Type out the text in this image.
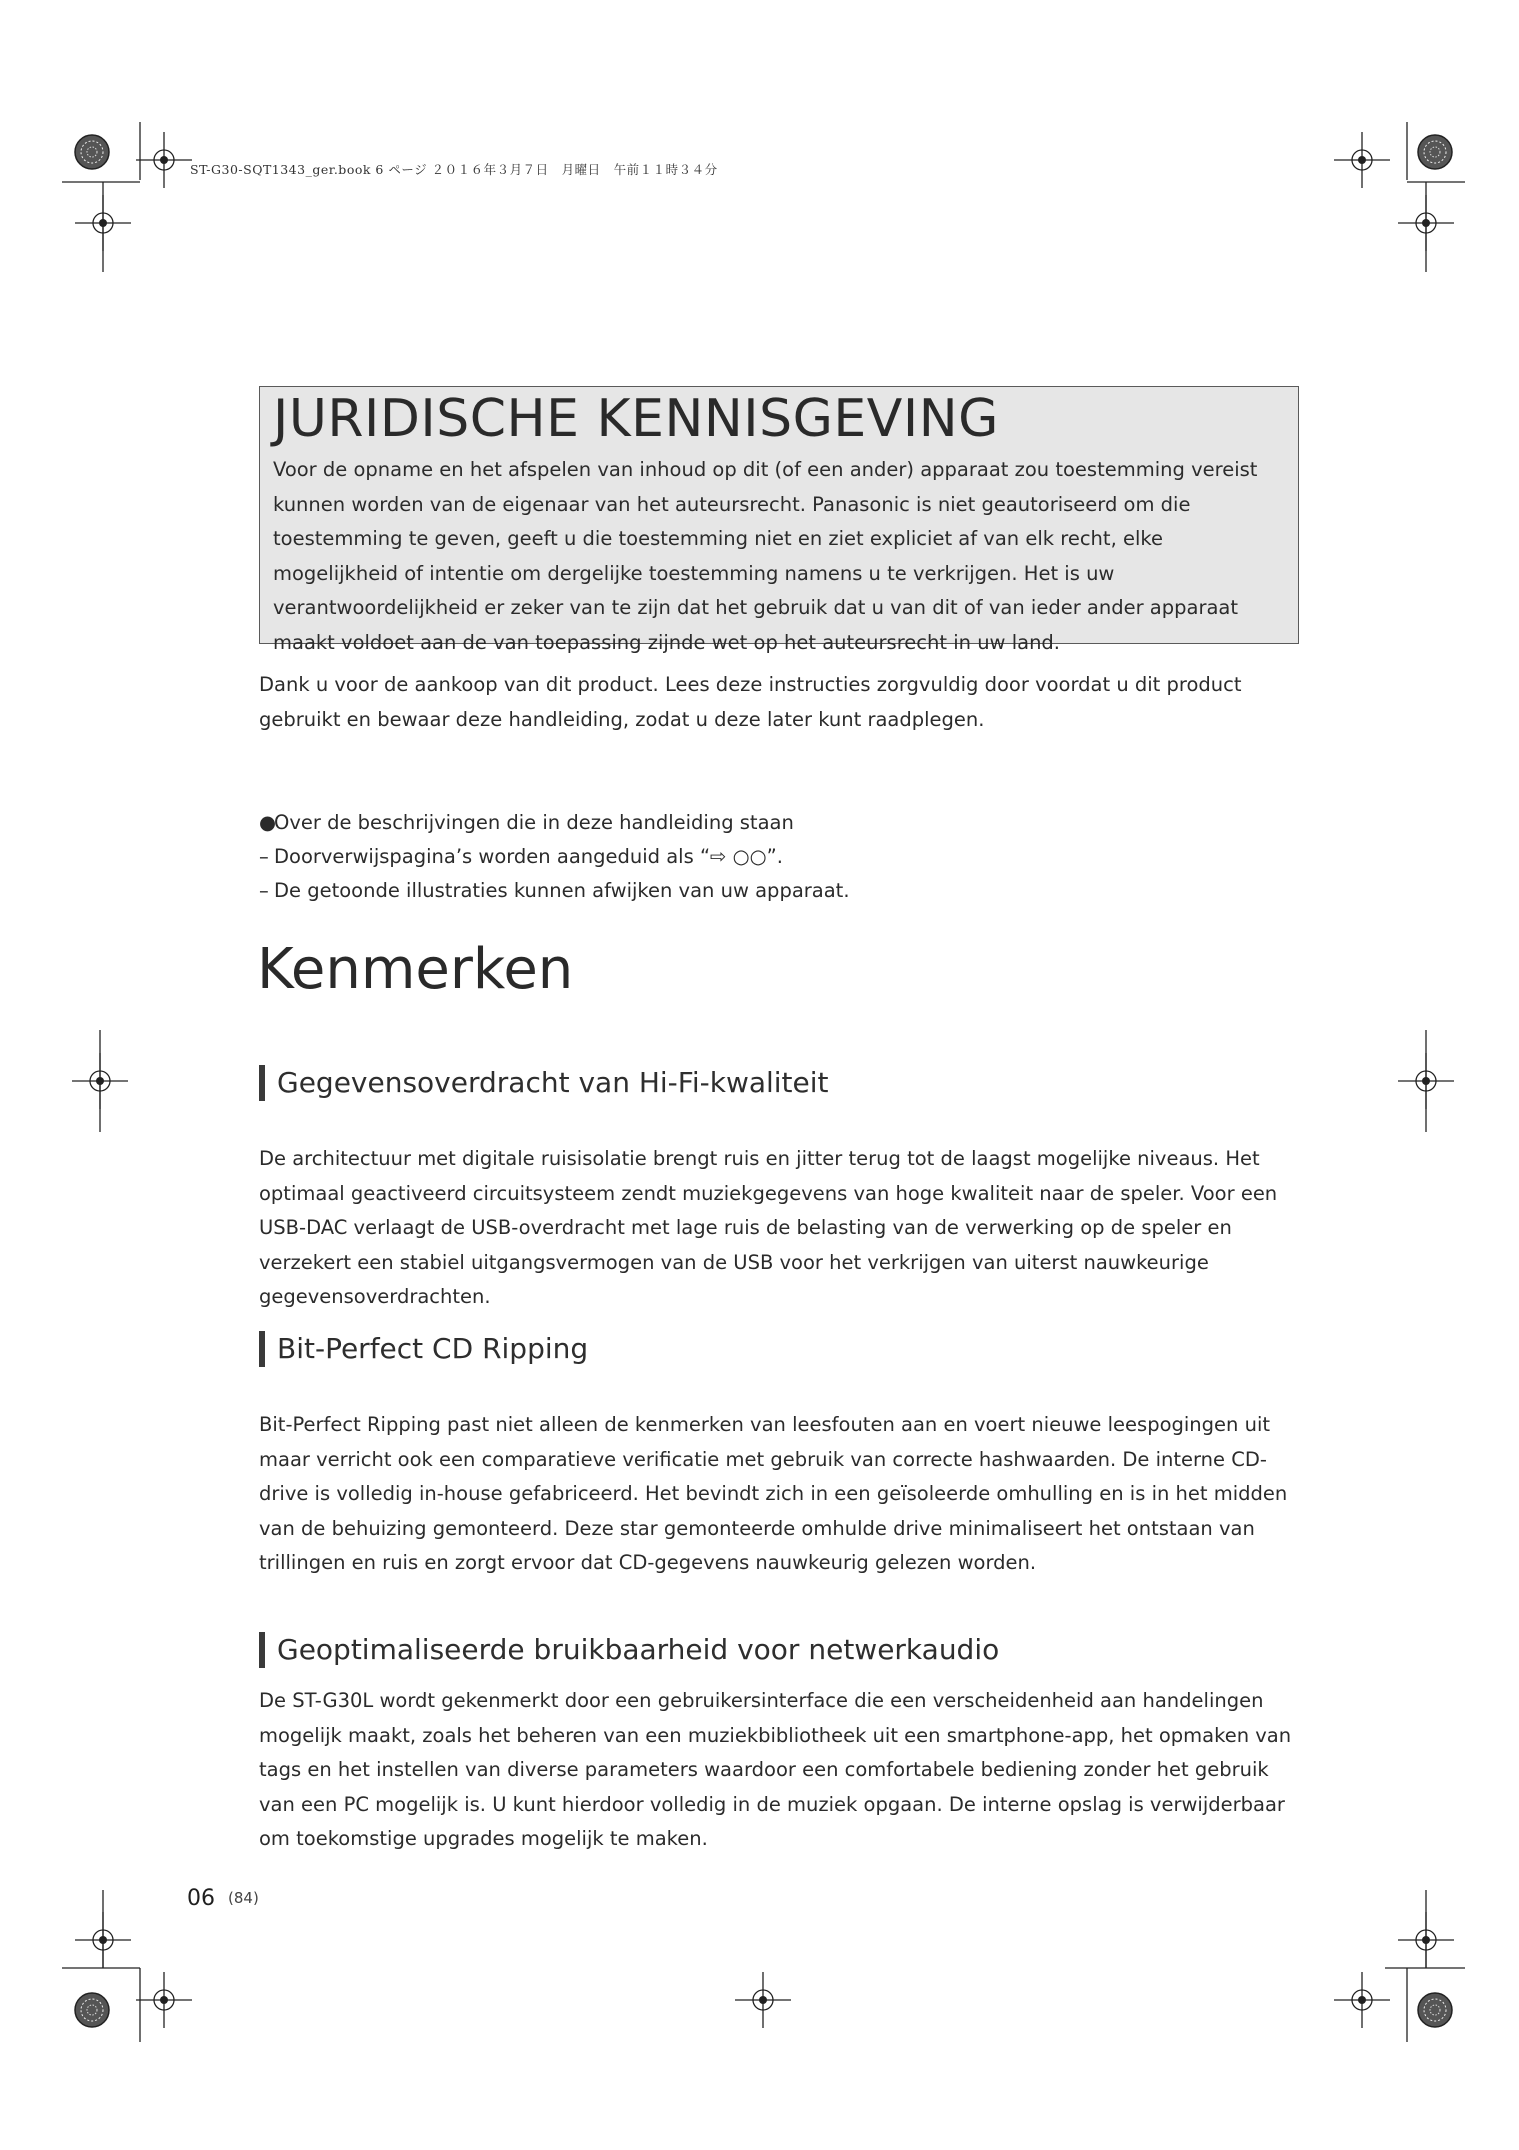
ST-G30-SQT1343_ger.book 6 ページ ２０１６年３月７日　月曜日　午前１１時３４分
JURIDISCHE KENNISGEVING
Voor de opname en het afspelen van inhoud op dit (of een ander) apparaat zou toestemming vereist kunnen worden van de eigenaar van het auteursrecht. Panasonic is niet geautoriseerd om die toestemming te geven, geeft u die toestemming niet en ziet expliciet af van elk recht, elke mogelijkheid of intentie om dergelijke toestemming namens u te verkrijgen. Het is uw verantwoordelijkheid er zeker van te zijn dat het gebruik dat u van dit of van ieder ander apparaat maakt voldoet aan de van toepassing zijnde wet op het auteursrecht in uw land.
Dank u voor de aankoop van dit product. Lees deze instructies zorgvuldig door voordat u dit product gebruikt en bewaar deze handleiding, zodat u deze later kunt raadplegen.
●Over de beschrijvingen die in deze handleiding staan
– Doorverwijspagina’s worden aangeduid als “⇨ ○○”.
– De getoonde illustraties kunnen afwijken van uw apparaat.
Kenmerken
Gegevensoverdracht van Hi-Fi-kwaliteit
De architectuur met digitale ruisisolatie brengt ruis en jitter terug tot de laagst mogelijke niveaus. Het optimaal geactiveerd circuitsysteem zendt muziekgegevens van hoge kwaliteit naar de speler. Voor een USB-DAC verlaagt de USB-overdracht met lage ruis de belasting van de verwerking op de speler en verzekert een stabiel uitgangsvermogen van de USB voor het verkrijgen van uiterst nauwkeurige gegevensoverdrachten.
Bit-Perfect CD Ripping
Bit-Perfect Ripping past niet alleen de kenmerken van leesfouten aan en voert nieuwe leespogingen uit maar verricht ook een comparatieve verificatie met gebruik van correcte hashwaarden. De interne CD-drive is volledig in-house gefabriceerd. Het bevindt zich in een geïsoleerde omhulling en is in het midden van de behuizing gemonteerd. Deze star gemonteerde omhulde drive minimaliseert het ontstaan van trillingen en ruis en zorgt ervoor dat CD-gegevens nauwkeurig gelezen worden.
Geoptimaliseerde bruikbaarheid voor netwerkaudio
De ST-G30L wordt gekenmerkt door een gebruikersinterface die een verscheidenheid aan handelingen mogelijk maakt, zoals het beheren van een muziekbibliotheek uit een smartphone-app, het opmaken van tags en het instellen van diverse parameters waardoor een comfortabele bediening zonder het gebruik van een PC mogelijk is. U kunt hierdoor volledig in de muziek opgaan. De interne opslag is verwijderbaar om toekomstige upgrades mogelijk te maken.
06 (84)
